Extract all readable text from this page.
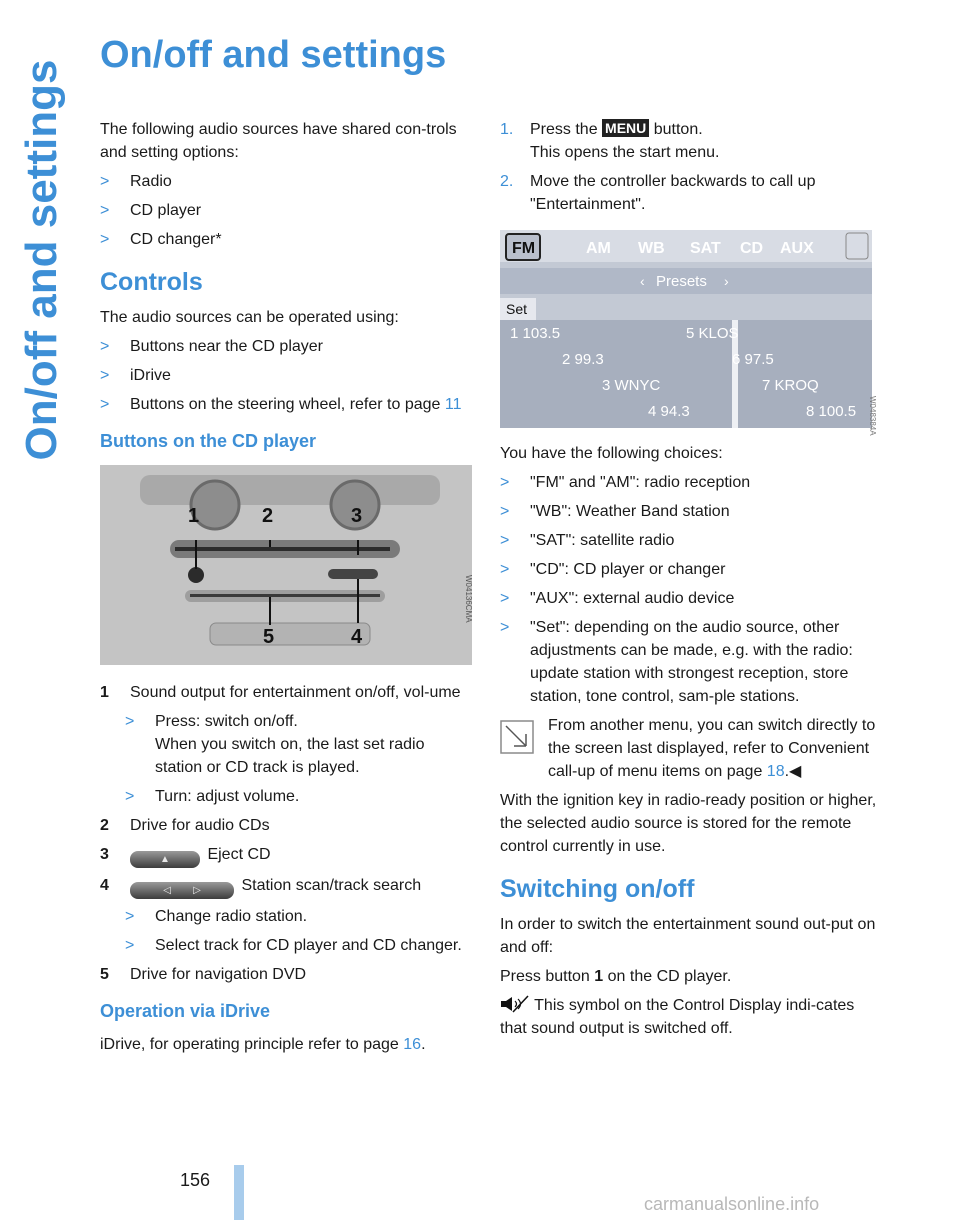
On/off and settings
On/off and settings

The following audio sources have shared con-trols and setting options:

> Radio
> CD player
> CD changer*
Controls

The audio sources can be operated using:

> Buttons near the CD player
> iDrive
> Buttons on the steering wheel, refer to page 11
Buttons on the CD player
1	2	3
4
5
W04136CMA
1 Sound output for entertainment on/off, vol-ume
> Press: switch on/off.
When you switch on, the last set radio station or CD track is played.
> Turn: adjust volume.
2 Drive for audio CDs
3	▲ Eject CD
4	◁        ▷	Station scan/track search
> Change radio station.
> Select track for CD player and CD changer.
5 Drive for navigation DVD
Operation via iDrive

iDrive, for operating principle refer to page 16.

1. Press the MENU button.
This opens the start menu.
2. Move the controller backwards to call up "Entertainment".
FM	AM WB SAT CD AUX
‹ Presets ›
Set
1 103.5	5 KLOS
2 99.3	6 97.5
3 WNYC	7 KROQ
4 94.3	8 100.5	W048384A

You have the following choices:

> "FM" and "AM": radio reception
> "WB": Weather Band station
> "SAT": satellite radio
> "CD": CD player or changer
> "AUX": external audio device
> "Set": depending on the audio source, other adjustments can be made, e.g. with the radio: update station with strongest reception, store station, tone control, sam-ple stations.

From another menu, you can switch directly to the screen last displayed, refer to Convenient call-up of menu items on page 18.◀

With the ignition key in radio-ready position or higher, the selected audio source is stored for the remote control currently in use.

Switching on/off

In order to switch the entertainment sound out-put on and off:

Press button 1 on the CD player.

This symbol on the Control Display indi-cates that sound output is switched off.

156
carmanualsonline.info
